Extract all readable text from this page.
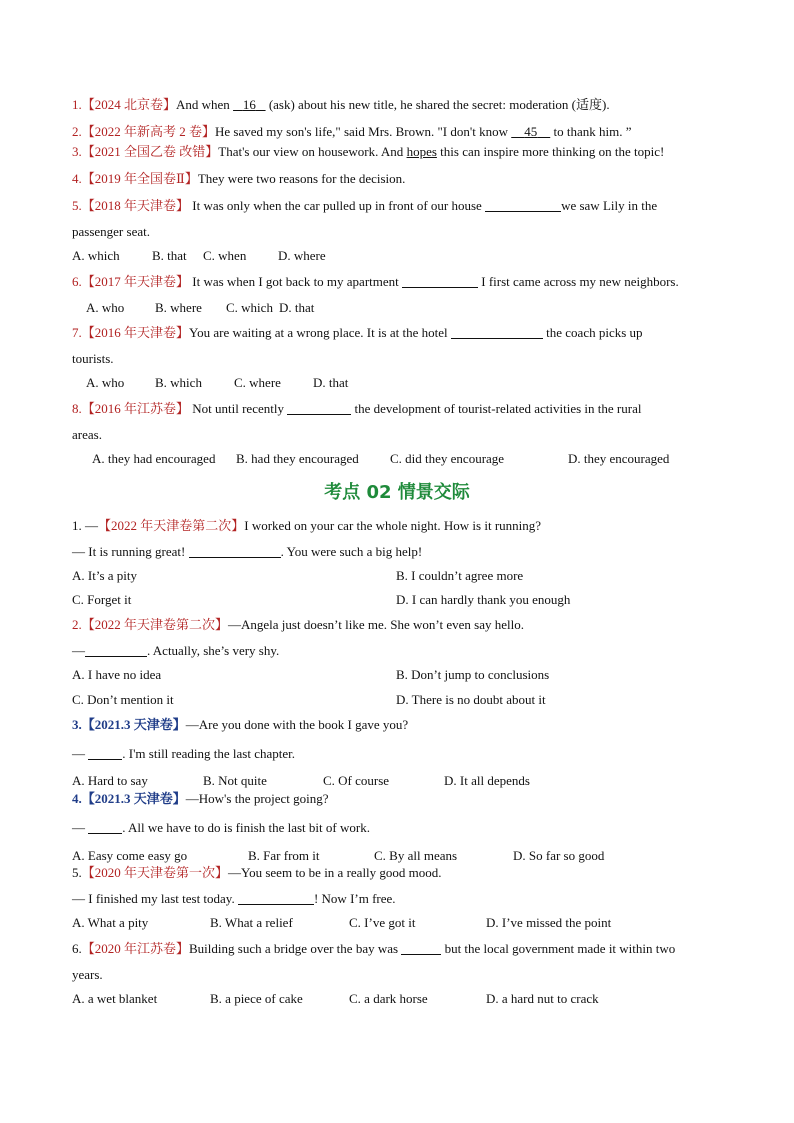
1.【2024 北京卷】And when    16    (ask) about his new title, he shared the secret: moderation (适度).
2.【2022 年新高考 2 卷】He saved my son's life," said Mrs. Brown. "I don't know     45     to thank him. ”
3.【2021 全国乙卷 改错】That's our view on housework. And hopes this can inspire more thinking on the topic!
4.【2019 年全国卷Ⅱ】They were two reasons for the decision.
5.【2018 年天津卷】 It was only when the car pulled up in front of our house	we saw Lily in the
passenger seat.
A. which B. that C. when D. where
6.【2017 年天津卷】 It was when I got back to my apartment	I first came across my new neighbors.
A. who B. where C. which D. that
7.【2016 年天津卷】You are waiting at a wrong place. It is at the hotel	the coach picks up
tourists.
A. who B. which C. where D. that
8.【2016 年江苏卷】 Not until recently	the development of tourist-related activities in the rural
areas.
A. they had encouraged B. had they encouraged C. did they encourage	D. they encouraged
考点 02 情景交际
1. —【2022 年天津卷第二次】I worked on your car the whole night. How is it running?
— It is running great!	. You were such a big help!
A. It’s a pity	B. I couldn’t agree more
C. Forget it	D. I can hardly thank you enough
2.【2022 年天津卷第二次】—Angela just doesn’t like me. She won’t even say hello.
—	. Actually, she’s very shy.
A. I have no idea	B. Don’t jump to conclusions
C. Don’t mention it	D. There is no doubt about it
3.【2021.3 天津卷】—Are you done with the book I gave you?
—	. I'm still reading the last chapter.
A. Hard to say	B. Not quite	C. Of course	D. It all depends
4.【2021.3 天津卷】—How's the project going?
—	. All we have to do is finish the last bit of work.
A. Easy come easy go	B. Far from it	C. By all means	D. So far so good
5.【2020 年天津卷第一次】—You seem to be in a really good mood.
— I finished my last test today.	! Now I’m free.
A. What a pity	B. What a relief	C. I’ve got it	D. I’ve missed the point
6.【2020 年江苏卷】Building such a bridge over the bay was	but the local government made it within two
years.
A. a wet blanket	B. a piece of cake	C. a dark horse	D. a hard nut to crack
